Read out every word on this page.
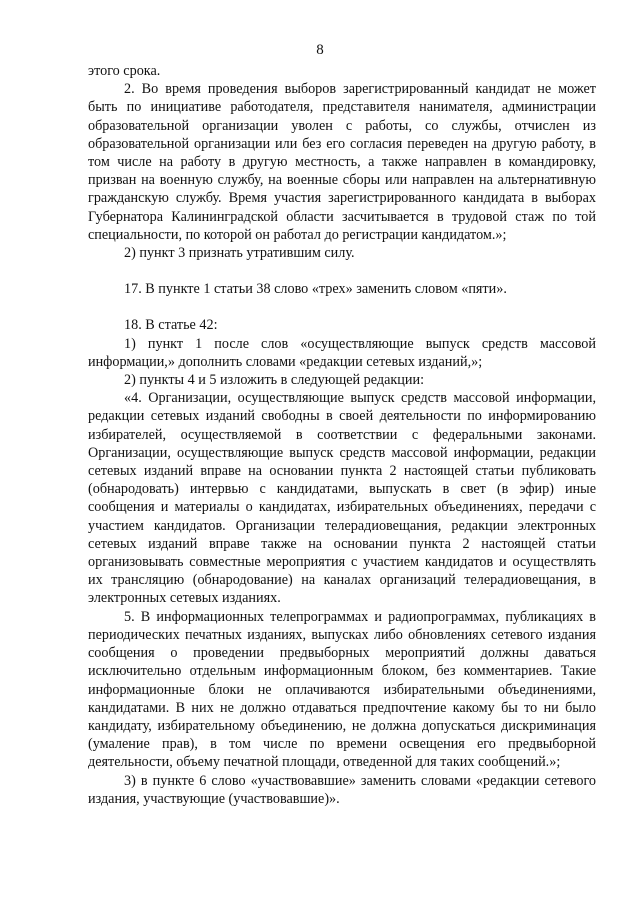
8

этого срока.

2. Во время проведения выборов зарегистрированный кандидат не может быть по инициативе работодателя, представителя нанимателя, администрации образовательной организации уволен с работы, со службы, отчислен из образовательной организации или без его согласия переведен на другую работу, в том числе на работу в другую местность, а также направлен в командировку, призван на военную службу, на военные сборы или направлен на альтернативную гражданскую службу. Время участия зарегистрированного кандидата в выборах Губернатора Калининградской области засчитывается в трудовой стаж по той специальности, по которой он работал до регистрации кандидатом.»;

2) пункт 3 признать утратившим силу.

17. В пункте 1 статьи 38 слово «трех» заменить словом «пяти».

18. В статье 42:

1) пункт 1 после слов «осуществляющие выпуск средств массовой информации,» дополнить словами «редакции сетевых изданий,»;

2) пункты 4 и 5 изложить в следующей редакции:

«4. Организации, осуществляющие выпуск средств массовой информации, редакции сетевых изданий свободны в своей деятельности по информированию избирателей, осуществляемой в соответствии с федеральными законами. Организации, осуществляющие выпуск средств массовой информации, редакции сетевых изданий вправе на основании пункта 2 настоящей статьи публиковать (обнародовать) интервью с кандидатами, выпускать в свет (в эфир) иные сообщения и материалы о кандидатах, избирательных объединениях, передачи с участием кандидатов. Организации телерадиовещания, редакции электронных сетевых изданий вправе также на основании пункта 2 настоящей статьи организовывать совместные мероприятия с участием кандидатов и осуществлять их трансляцию (обнародование) на каналах организаций телерадиовещания, в электронных сетевых изданиях.

5. В информационных телепрограммах и радиопрограммах, публикациях в периодических печатных изданиях, выпусках либо обновлениях сетевого издания сообщения о проведении предвыборных мероприятий должны даваться исключительно отдельным информационным блоком, без комментариев. Такие информационные блоки не оплачиваются избирательными объединениями, кандидатами. В них не должно отдаваться предпочтение какому бы то ни было кандидату, избирательному объединению, не должна допускаться дискриминация (умаление прав), в том числе по времени освещения его предвыборной деятельности, объему печатной площади, отведенной для таких сообщений.»;

3) в пункте 6 слово «участвовавшие» заменить словами «редакции сетевого издания, участвующие (участвовавшие)».
